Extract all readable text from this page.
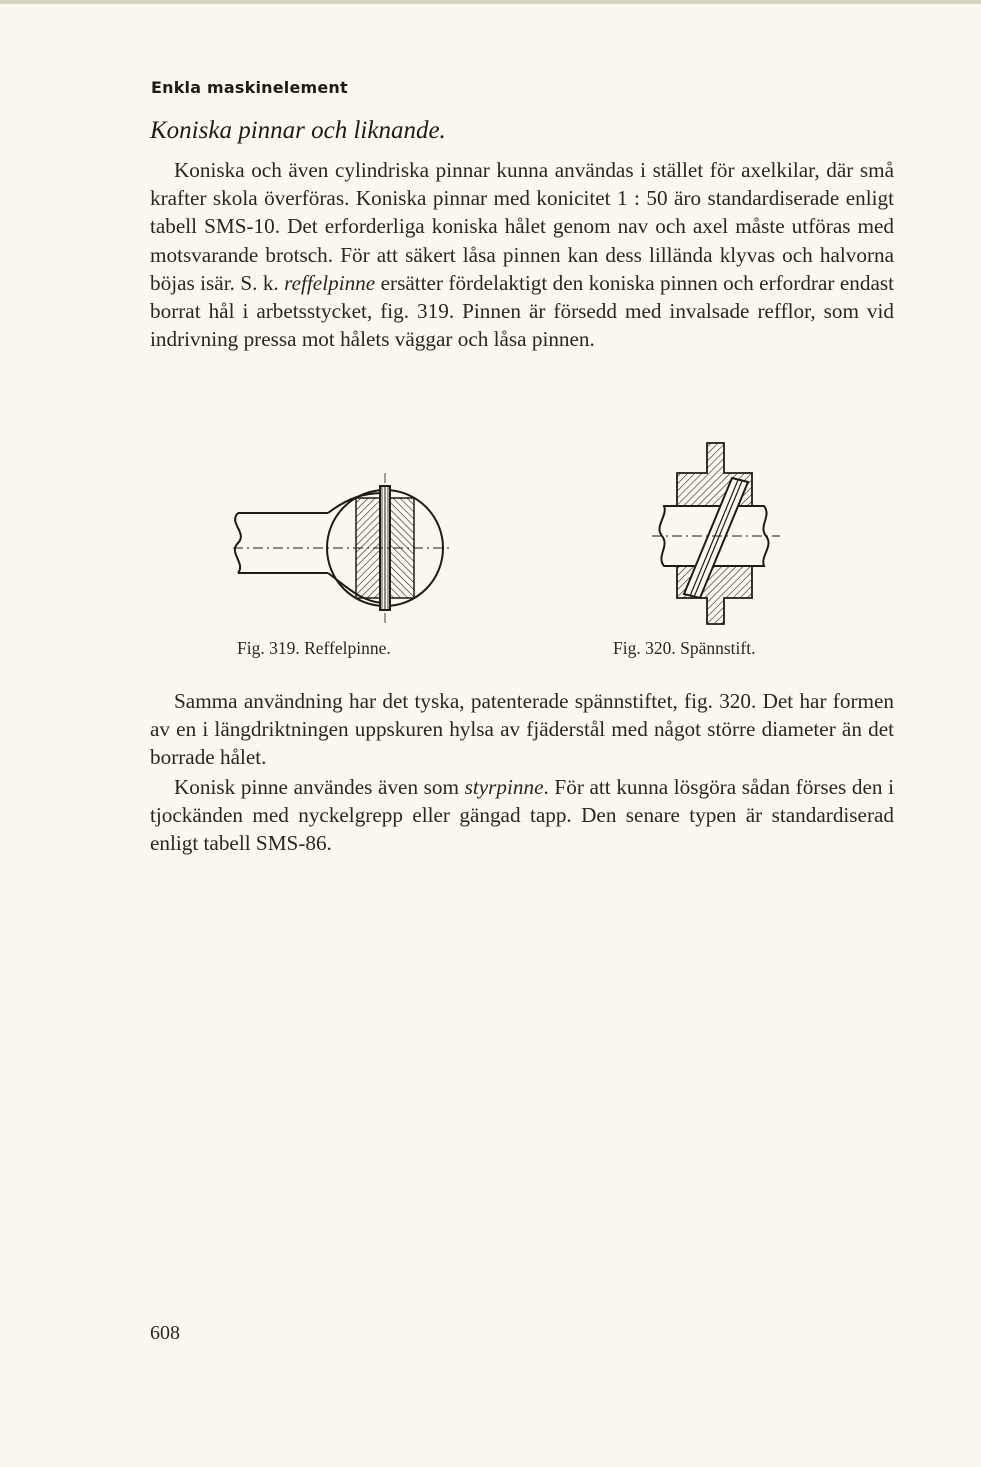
Enkla maskinelement
Koniska pinnar och liknande.

Koniska och även cylindriska pinnar kunna användas i stället för axelkilar, där små krafter skola överföras. Koniska pinnar med konicitet 1 : 50 äro standardiserade enligt tabell SMS-10. Det erforderliga koniska hålet genom nav och axel måste utföras med motsvarande brotsch. För att säkert låsa pinnen kan dess lilländа klyvas och halvorna böjas isär. S. k. reffelpinne ersätter fördelaktigt den koniska pinnen och erfordrar endast borrat hål i arbetsstycket, fig. 319. Pinnen är försedd med invalsade refflor, som vid indrivning pressa mot hålets väggar och låsa pinnen.

Fig. 319. Reffelpinne.	Fig. 320. Spännstift.

Samma användning har det tyska, patenterade spännstiftet, fig. 320. Det har formen av en i längdriktningen uppskuren hylsa av fjäderstål med något större diameter än det borrade hålet.

Konisk pinne användes även som styrpinne. För att kunna lösgöra sådan förses den i tjockänden med nyckelgrepp eller gängad tapp. Den senare typen är standardiserad enligt tabell SMS-86.

608
